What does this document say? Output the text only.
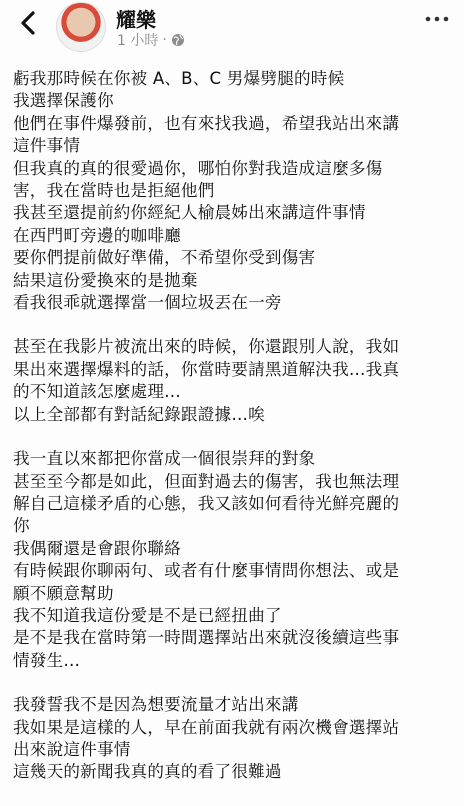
耀樂
1 小時 ·
虧我那時候在你被 A、B、C 男爆劈腿的時候
我選擇保護你
他們在事件爆發前，也有來找我過，希望我站出來講
這件事情
但我真的真的很愛過你，哪怕你對我造成這麼多傷
害，我在當時也是拒絕他們
我甚至還提前約你經紀人榆晨姊出來講這件事情
在西門町旁邊的咖啡廳
要你們提前做好準備，不希望你受到傷害
結果這份愛換來的是拋棄
看我很乖就選擇當一個垃圾丟在一旁
甚至在我影片被流出來的時候，你還跟別人說，我如
果出來選擇爆料的話，你當時要請黑道解決我…我真
的不知道該怎麼處理…
以上全部都有對話紀錄跟證據…唉
我一直以來都把你當成一個很崇拜的對象
甚至至今都是如此，但面對過去的傷害，我也無法理
解自己這樣矛盾的心態，我又該如何看待光鮮亮麗的
你
我偶爾還是會跟你聯絡
有時候跟你聊兩句、或者有什麼事情問你想法、或是
願不願意幫助
我不知道我這份愛是不是已經扭曲了
是不是我在當時第一時間選擇站出來就沒後續這些事
情發生…
我發誓我不是因為想要流量才站出來講
我如果是這樣的人，早在前面我就有兩次機會選擇站
出來說這件事情
這幾天的新聞我真的真的看了很難過
